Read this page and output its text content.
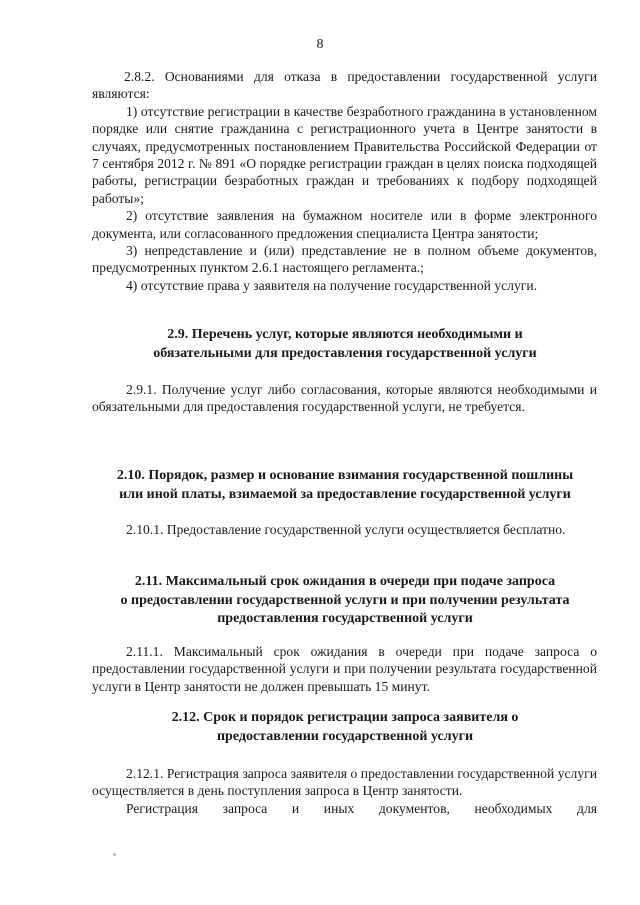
8

2.8.2. Основаниями для отказа в предоставлении государственной услуги являются:

1) отсутствие регистрации в качестве безработного гражданина в установленном порядке или снятие гражданина с регистрационного учета в Центре занятости в случаях, предусмотренных постановлением Правительства Российской Федерации от 7 сентября 2012 г. № 891 «О порядке регистрации граждан в целях поиска подходящей работы, регистрации безработных граждан и требованиях к подбору подходящей работы»;

2) отсутствие заявления на бумажном носителе или в форме электронного документа, или согласованного предложения специалиста Центра занятости;

3) непредставление и (или) представление не в полном объеме документов, предусмотренных пунктом 2.6.1 настоящего регламента.;

4) отсутствие права у заявителя на получение государственной услуги.

2.9. Перечень услуг, которые являются необходимыми и

обязательными для предоставления государственной услуги

2.9.1. Получение услуг либо согласования, которые являются необходимыми и обязательными для предоставления государственной услуги, не требуется.

2.10. Порядок, размер и основание взимания государственной пошлины

или иной платы, взимаемой за предоставление государственной услуги

2.10.1. Предоставление государственной услуги осуществляется бесплатно.

2.11. Максимальный срок ожидания в очереди при подаче запроса

о предоставлении государственной услуги и при получении результата

предоставления государственной услуги

2.11.1. Максимальный срок ожидания в очереди при подаче запроса о предоставлении государственной услуги и при получении результата государственной услуги в Центр занятости не должен превышать 15 минут.

2.12. Срок и порядок регистрации запроса заявителя о

предоставлении государственной услуги

2.12.1. Регистрация запроса заявителя о предоставлении государственной услуги осуществляется в день поступления запроса в Центр занятости.

Регистрация запроса и иных документов, необходимых для
